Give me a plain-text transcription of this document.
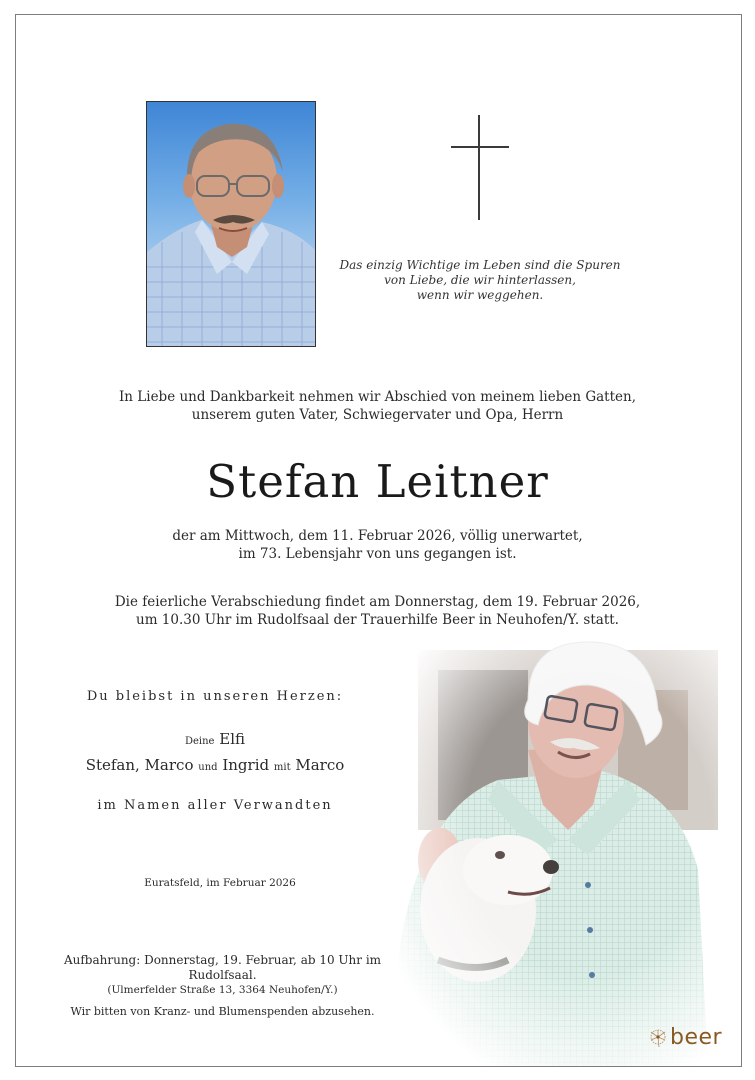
Das einzig Wichtige im Leben sind die Spuren
von Liebe, die wir hinterlassen,
wenn wir weggehen.
In Liebe und Dankbarkeit nehmen wir Abschied von meinem lieben Gatten,
unserem guten Vater, Schwiegervater und Opa, Herrn
Stefan Leitner
der am Mittwoch, dem 11. Februar 2026, völlig unerwartet,
im 73. Lebensjahr von uns gegangen ist.
Die feierliche Verabschiedung findet am Donnerstag, dem 19. Februar 2026,
um 10.30 Uhr im Rudolfsaal der Trauerhilfe Beer in Neuhofen/Y. statt.
Du bleibst in unseren Herzen:
Deine Elfi
Stefan, Marco und Ingrid mit Marco
im Namen aller Verwandten
Euratsfeld, im Februar 2026
Aufbahrung: Donnerstag, 19. Februar, ab 10 Uhr im Rudolfsaal.
(Ulmerfelder Straße 13, 3364 Neuhofen/Y.)
Wir bitten von Kranz- und Blumenspenden abzusehen.
beer
